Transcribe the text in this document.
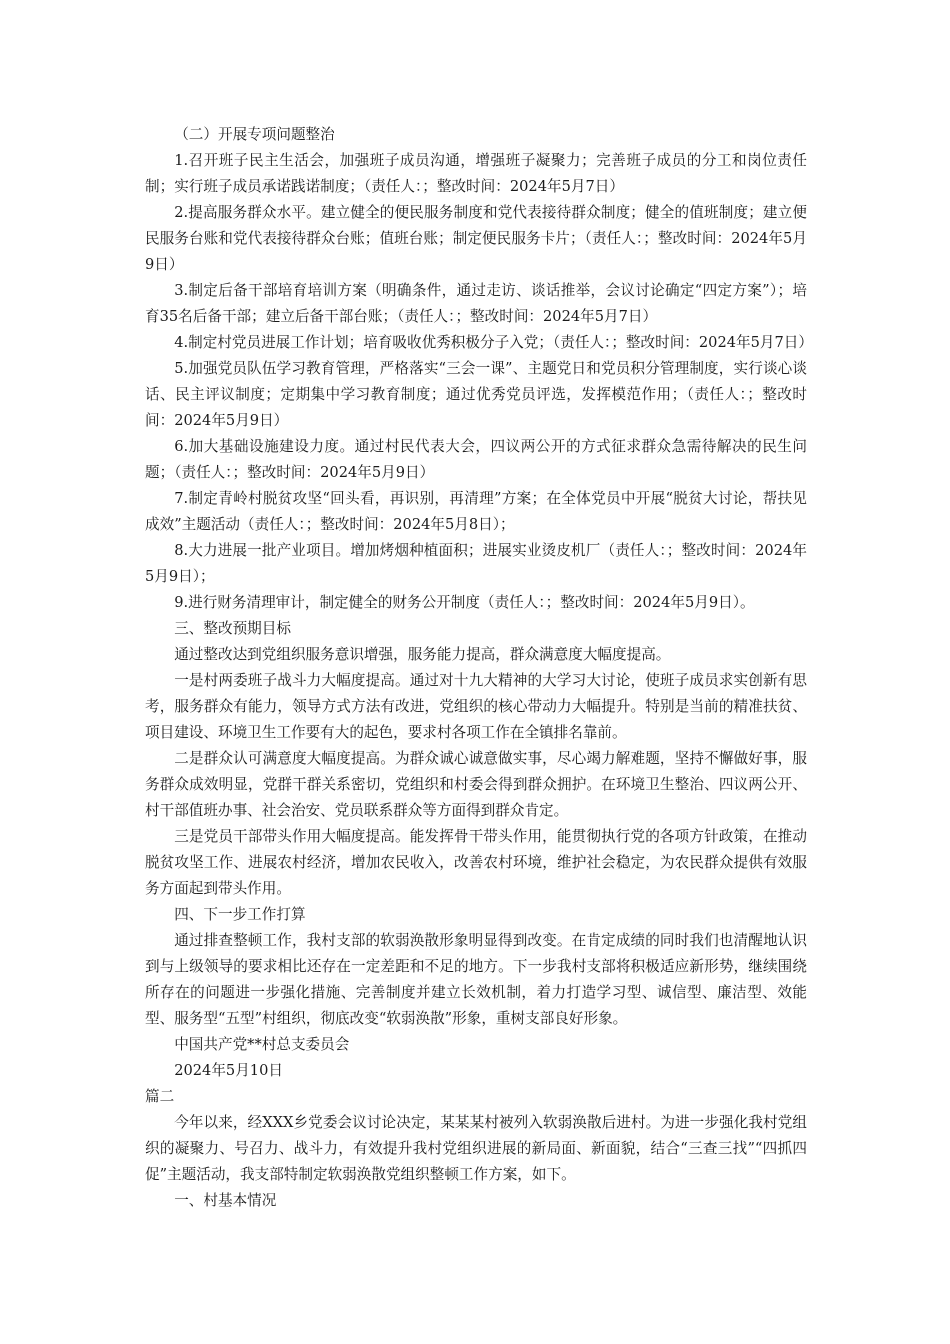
（二）开展专项问题整治

1.召开班子民主生活会，加强班子成员沟通，增强班子凝聚力；完善班子成员的分工和岗位责任制；实行班子成员承诺践诺制度；（责任人：；整改时间：2024年5月7日）

2.提高服务群众水平。建立健全的便民服务制度和党代表接待群众制度；健全的值班制度；建立便民服务台账和党代表接待群众台账；值班台账；制定便民服务卡片；（责任人：；整改时间：2024年5月9日）

3.制定后备干部培育培训方案（明确条件，通过走访、谈话推举，会议讨论确定“四定方案”）；培育35名后备干部；建立后备干部台账；（责任人：；整改时间：2024年5月7日）

4.制定村党员进展工作计划；培育吸收优秀积极分子入党；（责任人：；整改时间：2024年5月7日）

5.加强党员队伍学习教育管理，严格落实“三会一课”、主题党日和党员积分管理制度，实行谈心谈话、民主评议制度；定期集中学习教育制度；通过优秀党员评选，发挥模范作用；（责任人：；整改时间：2024年5月9日）

6.加大基础设施建设力度。通过村民代表大会，四议两公开的方式征求群众急需待解决的民生问题；（责任人：；整改时间：2024年5月9日）

7.制定青岭村脱贫攻坚“回头看，再识别，再清理”方案；在全体党员中开展“脱贫大讨论，帮扶见成效”主题活动（责任人：；整改时间：2024年5月8日）；

8.大力进展一批产业项目。增加烤烟种植面积；进展实业烫皮机厂（责任人：；整改时间：2024年5月9日）；

9.进行财务清理审计，制定健全的财务公开制度（责任人：；整改时间：2024年5月9日）。

三、整改预期目标

通过整改达到党组织服务意识增强，服务能力提高，群众满意度大幅度提高。

一是村两委班子战斗力大幅度提高。通过对十九大精神的大学习大讨论，使班子成员求实创新有思考，服务群众有能力，领导方式方法有改进，党组织的核心带动力大幅提升。特别是当前的精准扶贫、项目建设、环境卫生工作要有大的起色，要求村各项工作在全镇排名靠前。

二是群众认可满意度大幅度提高。为群众诚心诚意做实事，尽心竭力解难题，坚持不懈做好事，服务群众成效明显，党群干群关系密切，党组织和村委会得到群众拥护。在环境卫生整治、四议两公开、村干部值班办事、社会治安、党员联系群众等方面得到群众肯定。

三是党员干部带头作用大幅度提高。能发挥骨干带头作用，能贯彻执行党的各项方针政策，在推动脱贫攻坚工作、进展农村经济，增加农民收入，改善农村环境，维护社会稳定，为农民群众提供有效服务方面起到带头作用。

四、下一步工作打算

通过排查整顿工作，我村支部的软弱涣散形象明显得到改变。在肯定成绩的同时我们也清醒地认识到与上级领导的要求相比还存在一定差距和不足的地方。下一步我村支部将积极适应新形势，继续围绕所存在的问题进一步强化措施、完善制度并建立长效机制，着力打造学习型、诚信型、廉洁型、效能型、服务型“五型”村组织，彻底改变“软弱涣散”形象，重树支部良好形象。

中国共产党**村总支委员会

2024年5月10日

篇二

今年以来，经XXX乡党委会议讨论决定，某某某村被列入软弱涣散后进村。为进一步强化我村党组织的凝聚力、号召力、战斗力，有效提升我村党组织进展的新局面、新面貌，结合“三查三找”“四抓四促”主题活动，我支部特制定软弱涣散党组织整顿工作方案，如下。

一、村基本情况
